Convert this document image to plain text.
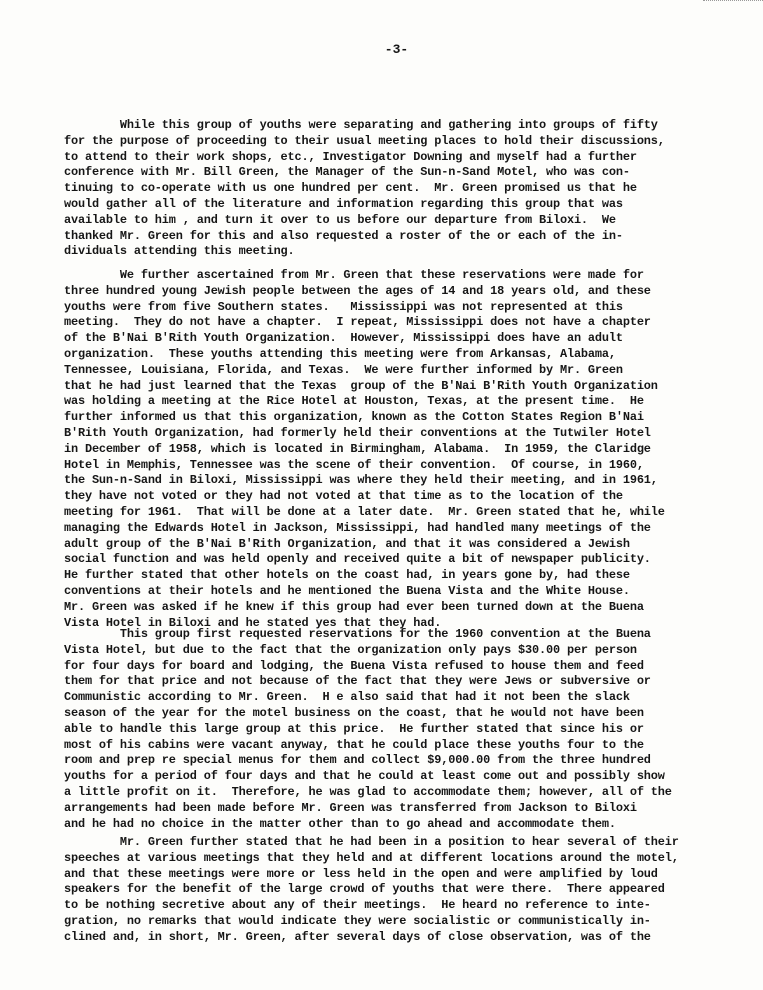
-3-
While this group of youths were separating and gathering into groups of fifty
for the purpose of proceeding to their usual meeting places to hold their discussions,
to attend to their work shops, etc., Investigator Downing and myself had a further
conference with Mr. Bill Green, the Manager of the Sun-n-Sand Motel, who was con-
tinuing to co-operate with us one hundred per cent.  Mr. Green promised us that he
would gather all of the literature and information regarding this group that was
available to him , and turn it over to us before our departure from Biloxi.  We
thanked Mr. Green for this and also requested a roster of the or each of the in-
dividuals attending this meeting.
We further ascertained from Mr. Green that these reservations were made for
three hundred young Jewish people between the ages of 14 and 18 years old, and these
youths were from five Southern states.   Mississippi was not represented at this
meeting.  They do not have a chapter.  I repeat, Mississippi does not have a chapter
of the B'Nai B'Rith Youth Organization.  However, Mississippi does have an adult
organization.  These youths attending this meeting were from Arkansas, Alabama,
Tennessee, Louisiana, Florida, and Texas.  We were further informed by Mr. Green
that he had just learned that the Texas  group of the B'Nai B'Rith Youth Organization
was holding a meeting at the Rice Hotel at Houston, Texas, at the present time.  He
further informed us that this organization, known as the Cotton States Region B'Nai
B'Rith Youth Organization, had formerly held their conventions at the Tutwiler Hotel
in December of 1958, which is located in Birmingham, Alabama.  In 1959, the Claridge
Hotel in Memphis, Tennessee was the scene of their convention.  Of course, in 1960,
the Sun-n-Sand in Biloxi, Mississippi was where they held their meeting, and in 1961,
they have not voted or they had not voted at that time as to the location of the
meeting for 1961.  That will be done at a later date.  Mr. Green stated that he, while
managing the Edwards Hotel in Jackson, Mississippi, had handled many meetings of the
adult group of the B'Nai B'Rith Organization, and that it was considered a Jewish
social function and was held openly and received quite a bit of newspaper publicity.
He further stated that other hotels on the coast had, in years gone by, had these
conventions at their hotels and he mentioned the Buena Vista and the White House.
Mr. Green was asked if he knew if this group had ever been turned down at the Buena
Vista Hotel in Biloxi and he stated yes that they had.
This group first requested reservations for the 1960 convention at the Buena
Vista Hotel, but due to the fact that the organization only pays $30.00 per person
for four days for board and lodging, the Buena Vista refused to house them and feed
them for that price and not because of the fact that they were Jews or subversive or
Communistic according to Mr. Green.  H e also said that had it not been the slack
season of the year for the motel business on the coast, that he would not have been
able to handle this large group at this price.  He further stated that since his or
most of his cabins were vacant anyway, that he could place these youths four to the
room and prep re special menus for them and collect $9,000.00 from the three hundred
youths for a period of four days and that he could at least come out and possibly show
a little profit on it.  Therefore, he was glad to accommodate them; however, all of the
arrangements had been made before Mr. Green was transferred from Jackson to Biloxi
and he had no choice in the matter other than to go ahead and accommodate them.
Mr. Green further stated that he had been in a position to hear several of their
speeches at various meetings that they held and at different locations around the motel,
and that these meetings were more or less held in the open and were amplified by loud
speakers for the benefit of the large crowd of youths that were there.  There appeared
to be nothing secretive about any of their meetings.  He heard no reference to inte-
gration, no remarks that would indicate they were socialistic or communistically in-
clined and, in short, Mr. Green, after several days of close observation, was of the
